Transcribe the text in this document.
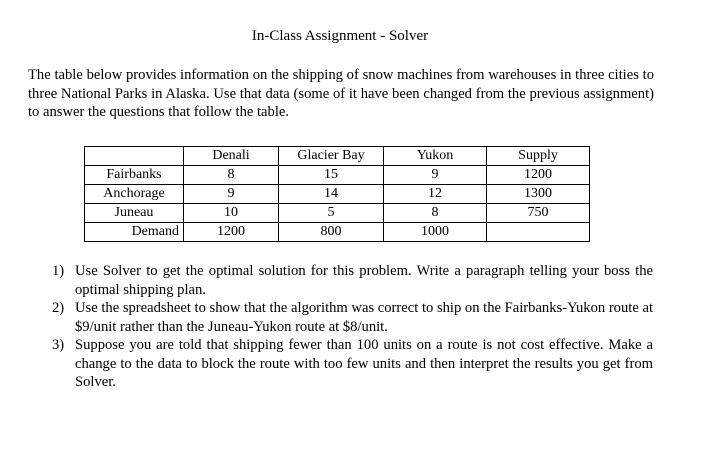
In-Class Assignment - Solver

The table below provides information on the shipping of snow machines from warehouses in three cities to three National Parks in Alaska. Use that data (some of it have been changed from the previous assignment) to answer the questions that follow the table.

	Denali	Glacier Bay	Yukon	Supply
Fairbanks	8	15	9	1200
Anchorage	9	14	12	1300
Juneau	10	5	8	750
Demand	1200	800	1000	
1) Use Solver to get the optimal solution for this problem. Write a paragraph telling your boss the optimal shipping plan.
2) Use the spreadsheet to show that the algorithm was correct to ship on the Fairbanks-Yukon route at $9/unit rather than the Juneau-Yukon route at $8/unit.
3) Suppose you are told that shipping fewer than 100 units on a route is not cost effective. Make a change to the data to block the route with too few units and then interpret the results you get from Solver.
